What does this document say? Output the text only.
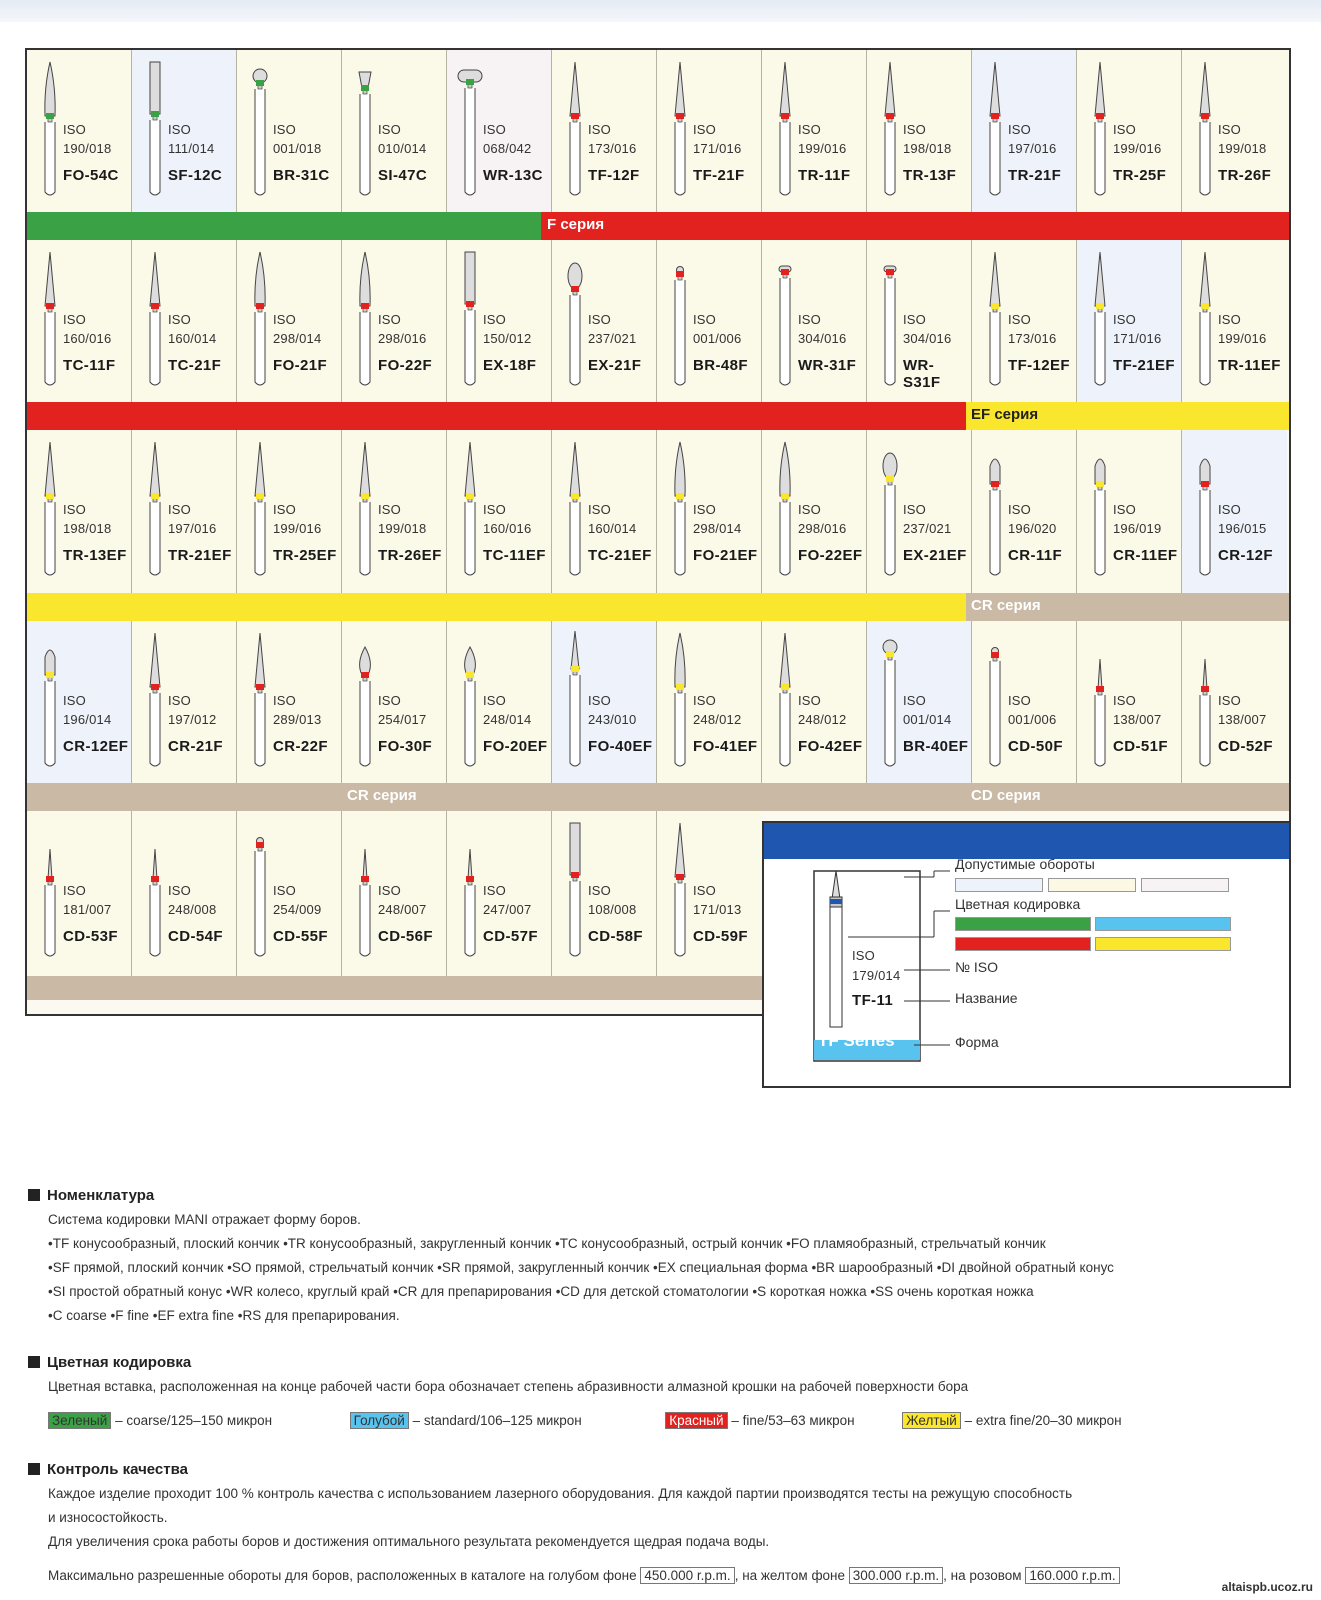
ISO
190/018
FO-54C
ISO
111/014
SF-12C
ISO
001/018
BR-31C
ISO
010/014
SI-47C
ISO
068/042
WR-13C
ISO
173/016
TF-12F
ISO
171/016
TF-21F
ISO
199/016
TR-11F
ISO
198/018
TR-13F
ISO
197/016
TR-21F
ISO
199/016
TR-25F
ISO
199/018
TR-26F
F серия
ISO
160/016
TC-11F
ISO
160/014
TC-21F
ISO
298/014
FO-21F
ISO
298/016
FO-22F
ISO
150/012
EX-18F
ISO
237/021
EX-21F
ISO
001/006
BR-48F
ISO
304/016
WR-31F
ISO
304/016
WR-S31F
ISO
173/016
TF-12EF
ISO
171/016
TF-21EF
ISO
199/016
TR-11EF
EF серия
ISO
198/018
TR-13EF
ISO
197/016
TR-21EF
ISO
199/016
TR-25EF
ISO
199/018
TR-26EF
ISO
160/016
TC-11EF
ISO
160/014
TC-21EF
ISO
298/014
FO-21EF
ISO
298/016
FO-22EF
ISO
237/021
EX-21EF
ISO
196/020
CR-11F
ISO
196/019
CR-11EF
ISO
196/015
CR-12F
CR серия
ISO
196/014
CR-12EF
ISO
197/012
CR-21F
ISO
289/013
CR-22F
ISO
254/017
FO-30F
ISO
248/014
FO-20EF
ISO
243/010
FO-40EF
ISO
248/012
FO-41EF
ISO
248/012
FO-42EF
ISO
001/014
BR-40EF
ISO
001/006
CD-50F
ISO
138/007
CD-51F
ISO
138/007
CD-52F
CR серия	CD серия
ISO
181/007
CD-53F
ISO
248/008
CD-54F
ISO
254/009
CD-55F
ISO
248/007
CD-56F
ISO
247/007
CD-57F
ISO
108/008
CD-58F
ISO
171/013
CD-59F
Допустимые обороты
Цветная кодировка
№ ISO
Название
Форма
ISO
179/014
TF-11
TF Series
Номенклатура

Система кодировки MANI отражает форму боров.

•TF конусообразный, плоский кончик •TR конусообразный, закругленный кончик •TC конусообразный, острый кончик •FO пламяобразный, стрельчатый кончик

•SF прямой, плоский кончик •SO прямой, стрельчатый кончик •SR прямой, закругленный кончик •EX специальная форма •BR шарообразный •DI двойной обратный конус

•SI простой обратный конус •WR колесо, круглый край •CR для препарирования •CD для детской стоматологии •S короткая ножка •SS очень короткая ножка

•C coarse •F fine •EF extra fine •RS для препарирования.

Цветная кодировка

Цветная вставка, расположенная на конце рабочей части бора обозначает степень абразивности алмазной крошки на рабочей поверхности бора

Зеленый – coarse/125–150 микрон	Голубой – standard/106–125 микрон	Красный – fine/53–63 микрон	Желтый – extra fine/20–30 микрон

Контроль качества

Каждое изделие проходит 100 % контроль качества с использованием лазерного оборудования. Для каждой партии производятся тесты на режущую способность

и износостойкость.

Для увеличения срока работы боров и достижения оптимального результата рекомендуется щедрая подача воды.

Максимально разрешенные обороты для боров, расположенных в каталоге на голубом фоне 450.000 r.p.m. , на желтом фоне 300.000 r.p.m. , на розовом 160.000 r.p.m.

altaispb.ucoz.ru
